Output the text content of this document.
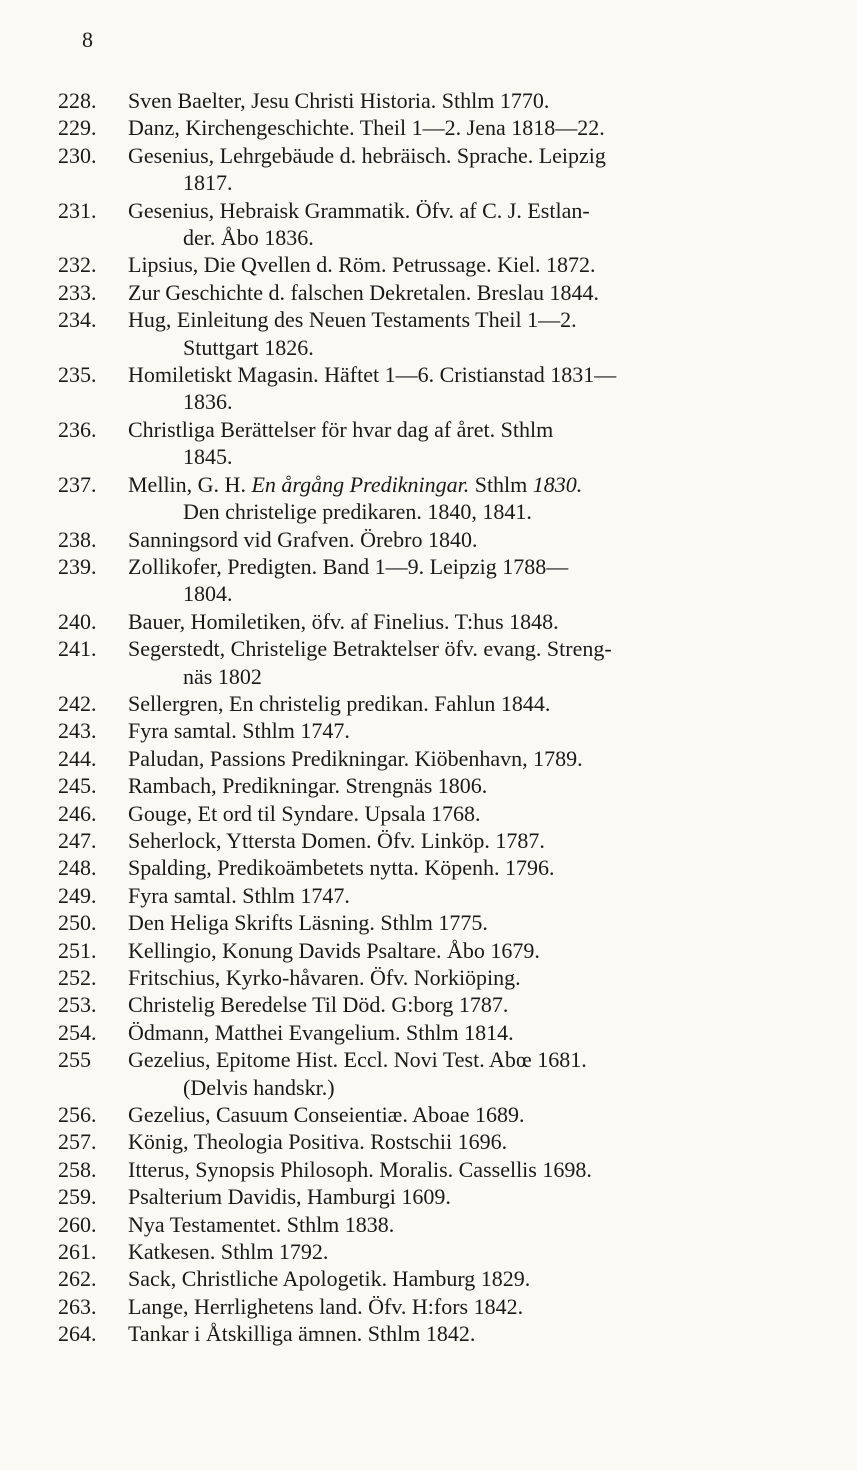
8
228.	Sven Baelter, Jesu Christi Historia. Sthlm 1770.
229.	Danz, Kirchengeschichte. Theil 1—2. Jena 1818—22.
230.	Gesenius, Lehrgebäude d. hebräisch. Sprache. Leipzig
1817.
231.	Gesenius, Hebraisk Grammatik. Öfv. af C. J. Estlan-
der. Åbo 1836.
232.	Lipsius, Die Qvellen d. Röm. Petrussage. Kiel. 1872.
233.	Zur Geschichte d. falschen Dekretalen. Breslau 1844.
234.	Hug, Einleitung des Neuen Testaments Theil 1—2.
Stuttgart 1826.
235.	Homiletiskt Magasin. Häftet 1—6. Cristianstad 1831—
1836.
236.	Christliga Berättelser för hvar dag af året. Sthlm
1845.
237.	Mellin, G. H. En årgång Predikningar. Sthlm 1830.
Den christelige predikaren. 1840, 1841.
238.	Sanningsord vid Grafven. Örebro 1840.
239.	Zollikofer, Predigten. Band 1—9. Leipzig 1788—
1804.
240.	Bauer, Homiletiken, öfv. af Finelius. T:hus 1848.
241.	Segerstedt, Christelige Betraktelser öfv. evang. Streng-
näs 1802
242.	Sellergren, En christelig predikan. Fahlun 1844.
243.	Fyra samtal. Sthlm 1747.
244.	Paludan, Passions Predikningar. Kiöbenhavn, 1789.
245.	Rambach, Predikningar. Strengnäs 1806.
246.	Gouge, Et ord til Syndare. Upsala 1768.
247.	Seherlock, Yttersta Domen. Öfv. Linköp. 1787.
248.	Spalding, Predikoämbetets nytta. Köpenh. 1796.
249.	Fyra samtal. Sthlm 1747.
250.	Den Heliga Skrifts Läsning. Sthlm 1775.
251.	Kellingio, Konung Davids Psaltare. Åbo 1679.
252.	Fritschius, Kyrko-håvaren. Öfv. Norkiöping.
253.	Christelig Beredelse Til Död. G:borg 1787.
254.	Ödmann, Matthei Evangelium. Sthlm 1814.
255	Gezelius, Epitome Hist. Eccl. Novi Test. Abœ 1681.
(Delvis handskr.)
256.	Gezelius, Casuum Conseientiæ. Aboae 1689.
257.	König, Theologia Positiva. Rostschii 1696.
258.	Itterus, Synopsis Philosoph. Moralis. Cassellis 1698.
259.	Psalterium Davidis, Hamburgi 1609.
260.	Nya Testamentet. Sthlm 1838.
261.	Katkesen. Sthlm 1792.
262.	Sack, Christliche Apologetik. Hamburg 1829.
263.	Lange, Herrlighetens land. Öfv. H:fors 1842.
264.	Tankar i Åtskilliga ämnen. Sthlm 1842.
